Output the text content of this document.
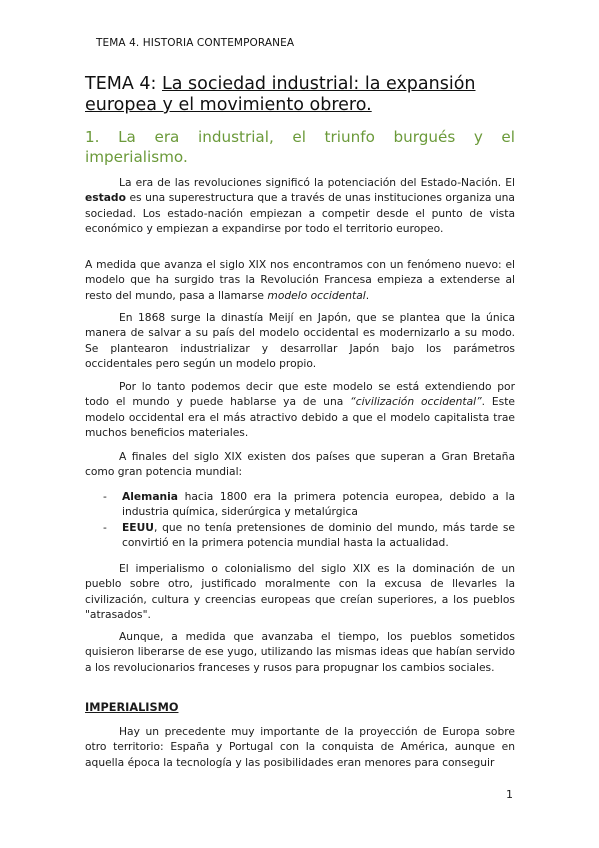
TEMA 4. HISTORIA CONTEMPORANEA
TEMA 4: La sociedad industrial: la expansión europea y el movimiento obrero.
1. La era industrial, el triunfo burgués y el imperialismo.
La era de las revoluciones significó la potenciación del Estado-Nación. El estado es una superestructura que a través de unas instituciones organiza una sociedad. Los estado-nación empiezan a competir desde el punto de vista económico y empiezan a expandirse por todo el territorio europeo.
A medida que avanza el siglo XIX nos encontramos con un fenómeno nuevo: el modelo que ha surgido tras la Revolución Francesa empieza a extenderse al resto del mundo, pasa a llamarse modelo occidental.
En 1868 surge la dinastía Meijí en Japón, que se plantea que la única manera de salvar a su país del modelo occidental es modernizarlo a su modo. Se plantearon industrializar y desarrollar Japón bajo los parámetros occidentales pero según un modelo propio.
Por lo tanto podemos decir que este modelo se está extendiendo por todo el mundo y puede hablarse ya de una “civilización occidental”. Este modelo occidental era el más atractivo debido a que el modelo capitalista trae muchos beneficios materiales.
A finales del siglo XIX existen dos países que superan a Gran Bretaña como gran potencia mundial:
- Alemania hacia 1800 era la primera potencia europea, debido a la industria química, siderúrgica y metalúrgica
- EEUU, que no tenía pretensiones de dominio del mundo, más tarde se convirtió en la primera potencia mundial hasta la actualidad.
El imperialismo o colonialismo del siglo XIX es la dominación de un pueblo sobre otro, justificado moralmente con la excusa de llevarles la civilización, cultura y creencias europeas que creían superiores, a los pueblos "atrasados".
Aunque, a medida que avanzaba el tiempo, los pueblos sometidos quisieron liberarse de ese yugo, utilizando las mismas ideas que habían servido a los revolucionarios franceses y rusos para propugnar los cambios sociales.
IMPERIALISMO
Hay un precedente muy importante de la proyección de Europa sobre otro territorio: España y Portugal con la conquista de América, aunque en aquella época la tecnología y las posibilidades eran menores para conseguir
1
